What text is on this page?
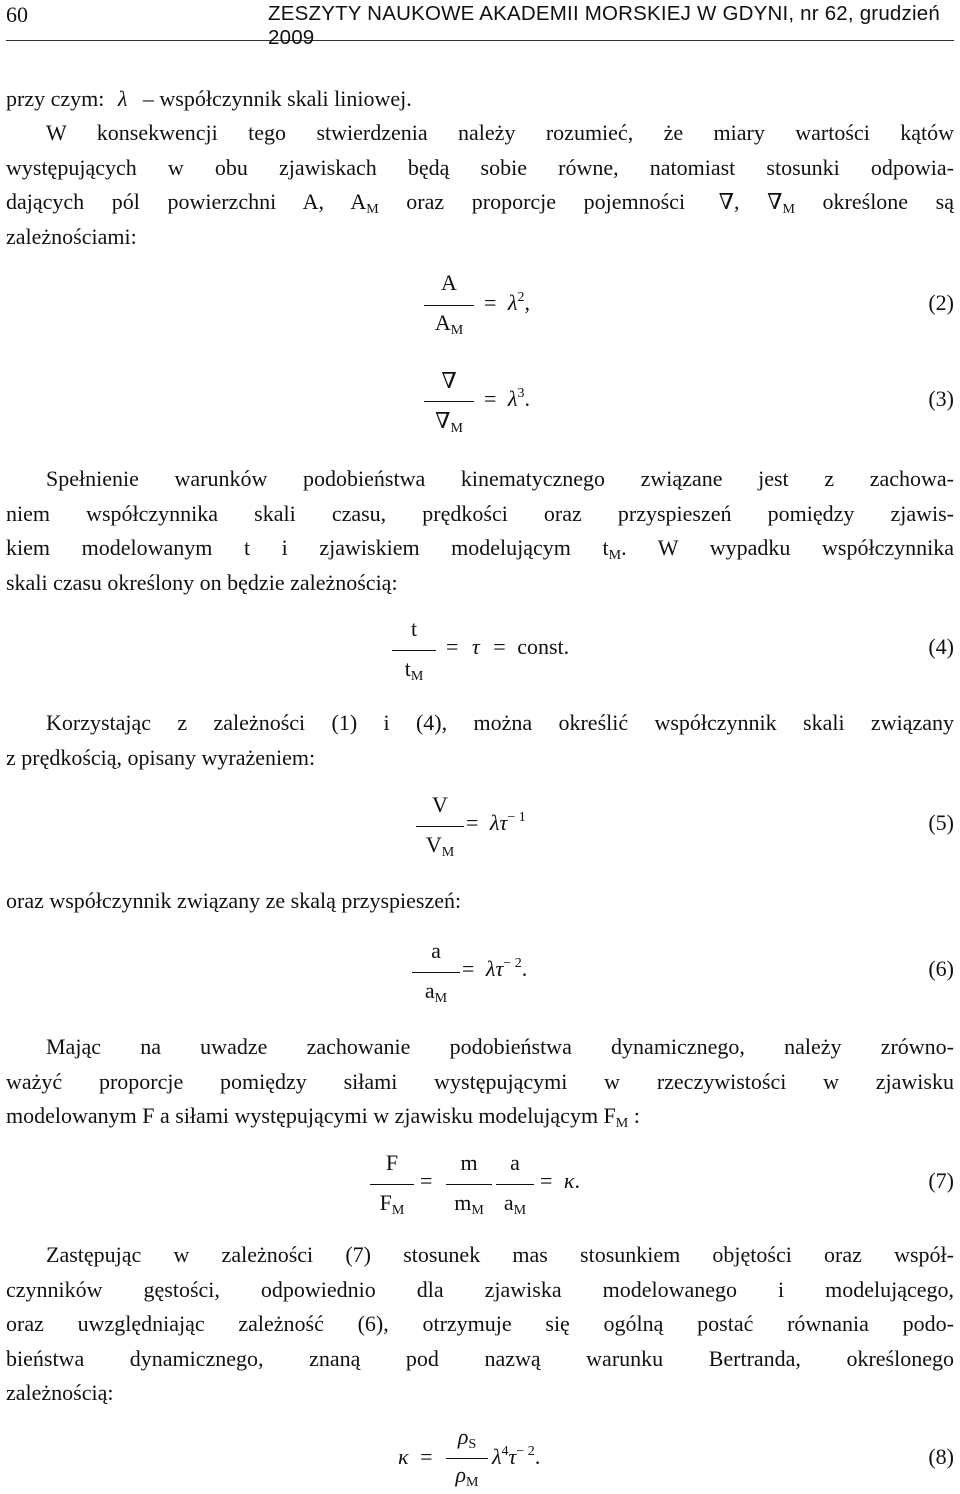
60	ZESZYTY NAUKOWE AKADEMII MORSKIEJ W GDYNI, nr 62, grudzień 2009
przy czym: λ – współczynnik skali liniowej.
W konsekwencji tego stwierdzenia należy rozumieć, że miary wartości kątów
występujących w obu zjawiskach będą sobie równe, natomiast stosunki odpowia-
dających pól powierzchni A, $A_M$ oraz proporcje pojemności ∇, $\nabla_M$ określone są
zależnościami:
A
$A_M$
= $\lambda^2$,	(2)
∇
$\nabla_M$
= $\lambda^3$.	(3)
Spełnienie warunków podobieństwa kinematycznego związane jest z zachowa-
niem współczynnika skali czasu, prędkości oraz przyspieszeń pomiędzy zjawis-
kiem modelowanym t i zjawiskiem modelującym $t_M$. W wypadku współczynnika
skali czasu określony on będzie zależnością:
t
$t_M$
= τ = const.	(4)
Korzystając z zależności (1) i (4), można określić współczynnik skali związany
z prędkością, opisany wyrażeniem:
V
$V_M$
= $\lambda\tau^{- 1}$	(5)
oraz współczynnik związany ze skalą przyspieszeń:
a
$a_M$
= $\lambda\tau^{- 2}$.	(6)
Mając na uwadze zachowanie podobieństwa dynamicznego, należy zrówno-
ważyć proporcje pomiędzy siłami występującymi w rzeczywistości w zjawisku
modelowanym F a siłami występującymi w zjawisku modelującym $F_M$ :
F
$F_M$
=
m
$m_M$
a
$a_M$
= κ.	(7)
Zastępując w zależności (7) stosunek mas stosunkiem objętości oraz współ-
czynników gęstości, odpowiednio dla zjawiska modelowanego i modelującego,
oraz uwzględniając zależność (6), otrzymuje się ogólną postać równania podo-
bieństwa dynamicznego, znaną pod nazwą warunku Bertranda, określonego
zależnością:
κ =
$\rho_S$
$\rho_M$
$\lambda^4\tau^{- 2}$.	(8)
